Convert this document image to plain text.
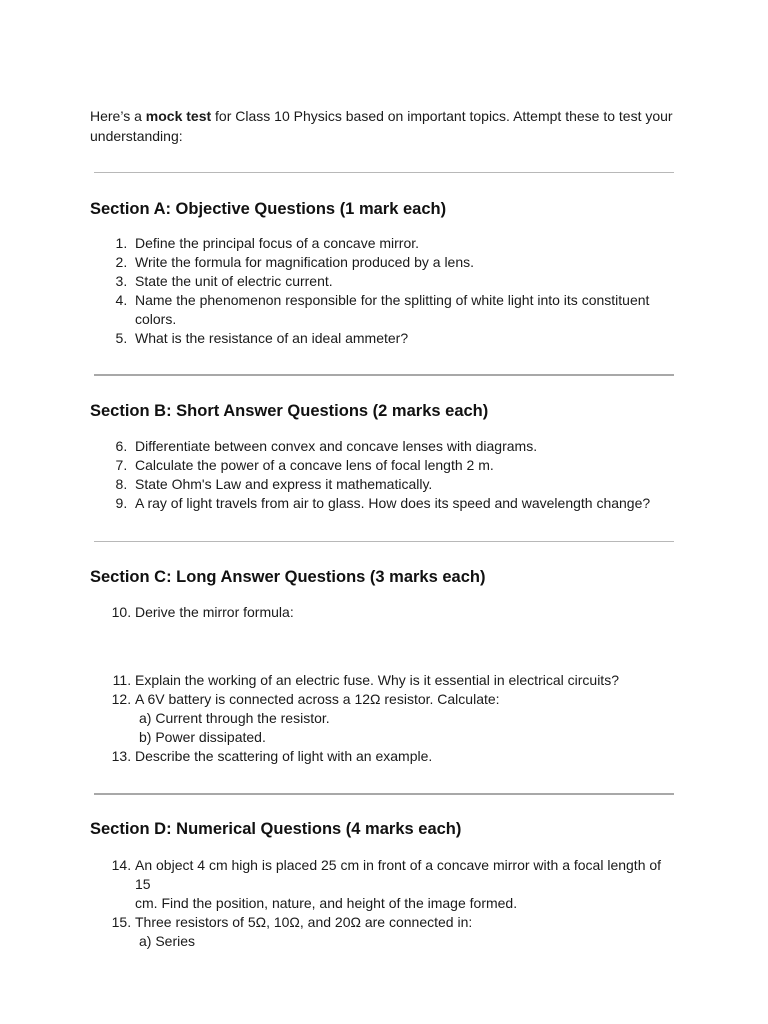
Here’s a mock test for Class 10 Physics based on important topics. Attempt these to test your
understanding:
Section A: Objective Questions (1 mark each)
1. Define the principal focus of a concave mirror.
2. Write the formula for magnification produced by a lens.
3. State the unit of electric current.
4. Name the phenomenon responsible for the splitting of white light into its constituent
colors.
5. What is the resistance of an ideal ammeter?
Section B: Short Answer Questions (2 marks each)
6. Differentiate between convex and concave lenses with diagrams.
7. Calculate the power of a concave lens of focal length 2 m.
8. State Ohm's Law and express it mathematically.
9. A ray of light travels from air to glass. How does its speed and wavelength change?
Section C: Long Answer Questions (3 marks each)
10. Derive the mirror formula:
11. Explain the working of an electric fuse. Why is it essential in electrical circuits?
12. A 6V battery is connected across a 12Ω resistor. Calculate:
a) Current through the resistor.
b) Power dissipated.
13. Describe the scattering of light with an example.
Section D: Numerical Questions (4 marks each)
14. An object 4 cm high is placed 25 cm in front of a concave mirror with a focal length of 15
cm. Find the position, nature, and height of the image formed.
15. Three resistors of 5Ω, 10Ω, and 20Ω are connected in:
a) Series
